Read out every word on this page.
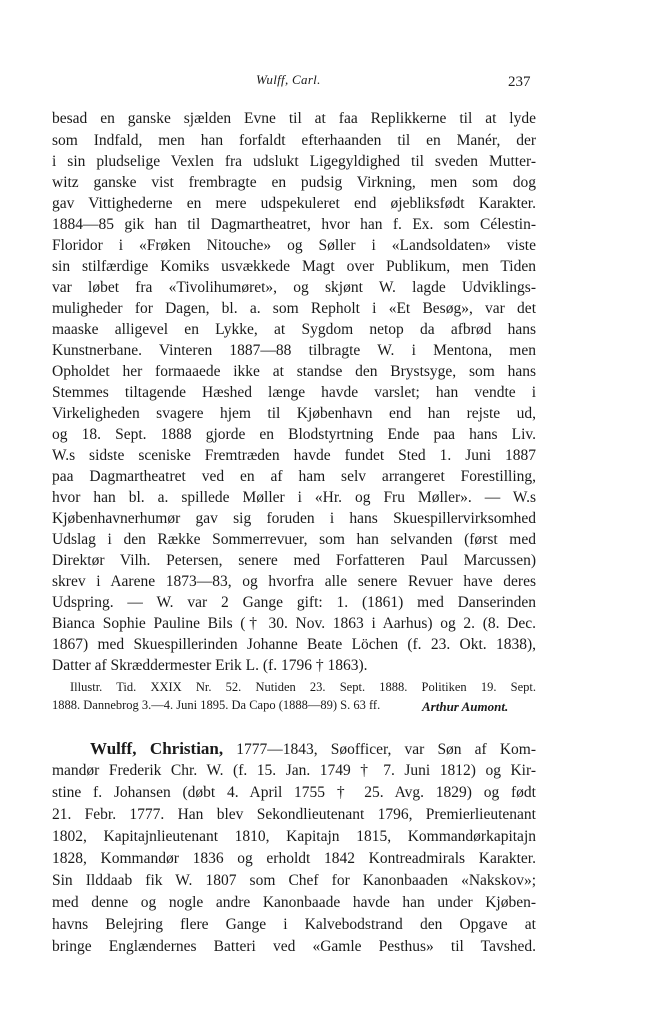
Wulff, Carl.	237
besad en ganske sjælden Evne til at faa Replikkerne til at lyde
som Indfald, men han forfaldt efterhaanden til en Manér, der
i sin pludselige Vexlen fra udslukt Ligegyldighed til sveden Mutter-
witz ganske vist frembragte en pudsig Virkning, men som dog
gav Vittighederne en mere udspekuleret end øjebliksfødt Karakter.
1884—85 gik han til Dagmartheatret, hvor han f. Ex. som Célestin-
Floridor i «Frøken Nitouche» og Søller i «Landsoldaten» viste
sin stilfærdige Komiks usvækkede Magt over Publikum, men Tiden
var løbet fra «Tivolihumøret», og skjønt W. lagde Udviklings-
muligheder for Dagen, bl. a. som Repholt i «Et Besøg», var det
maaske alligevel en Lykke, at Sygdom netop da afbrød hans
Kunstnerbane. Vinteren 1887—88 tilbragte W. i Mentona, men
Opholdet her formaaede ikke at standse den Brystsyge, som hans
Stemmes tiltagende Hæshed længe havde varslet; han vendte i
Virkeligheden svagere hjem til Kjøbenhavn end han rejste ud,
og 18. Sept. 1888 gjorde en Blodstyrtning Ende paa hans Liv.
W.s sidste sceniske Fremtræden havde fundet Sted 1. Juni 1887
paa Dagmartheatret ved en af ham selv arrangeret Forestilling,
hvor han bl. a. spillede Møller i «Hr. og Fru Møller». — W.s
Kjøbenhavnerhumør gav sig foruden i hans Skuespillervirksomhed
Udslag i den Række Sommerrevuer, som han selvanden (først med
Direktør Vilh. Petersen, senere med Forfatteren Paul Marcussen)
skrev i Aarene 1873—83, og hvorfra alle senere Revuer have deres
Udspring. — W. var 2 Gange gift: 1. (1861) med Danserinden
Bianca Sophie Pauline Bils († 30. Nov. 1863 i Aarhus) og 2. (8. Dec.
1867) med Skuespillerinden Johanne Beate Löchen (f. 23. Okt. 1838),
Datter af Skræddermester Erik L. (f. 1796 † 1863).
Illustr. Tid. XXIX Nr. 52. Nutiden 23. Sept. 1888. Politiken 19. Sept.
1888. Dannebrog 3.—4. Juni 1895. Da Capo (1888—89) S. 63 ff.	Arthur Aumont.
Wulff, Christian, 1777—1843, Søofficer, var Søn af Kom-
mandør Frederik Chr. W. (f. 15. Jan. 1749 † 7. Juni 1812) og Kir-
stine f. Johansen (døbt 4. April 1755 † 25. Avg. 1829) og født
21. Febr. 1777. Han blev Sekondlieutenant 1796, Premierlieutenant
1802, Kapitajnlieutenant 1810, Kapitajn 1815, Kommandørkapitajn
1828, Kommandør 1836 og erholdt 1842 Kontreadmirals Karakter.
Sin Ilddaab fik W. 1807 som Chef for Kanonbaaden «Nakskov»;
med denne og nogle andre Kanonbaade havde han under Kjøben-
havns Belejring flere Gange i Kalvebodstrand den Opgave at
bringe Englændernes Batteri ved «Gamle Pesthus» til Tavshed.
